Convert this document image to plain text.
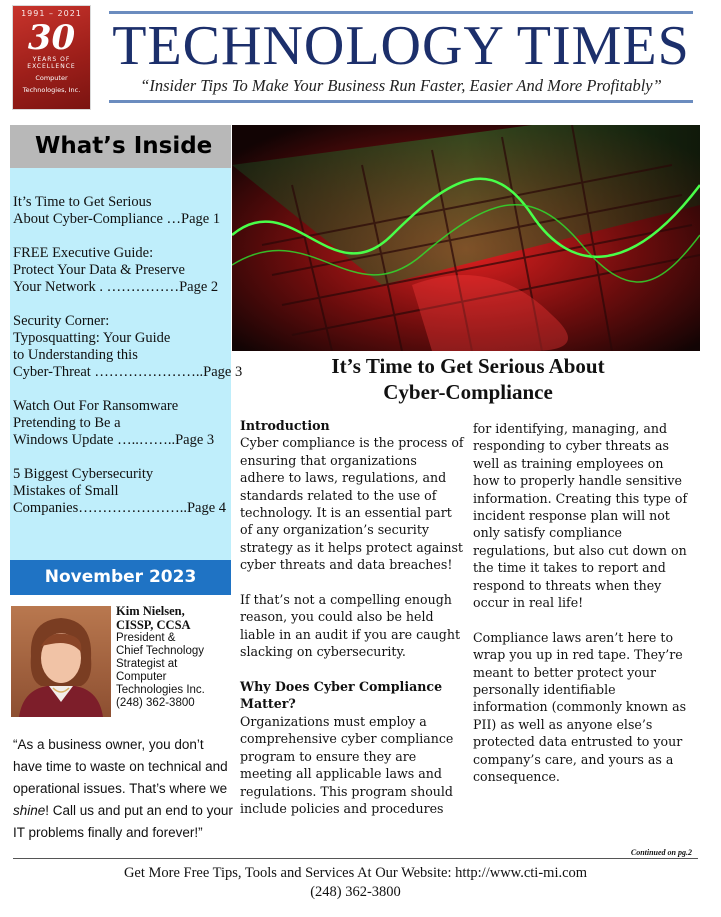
1991 – 2021
30
YEARS OF
EXCELLENCE
Computer
Technologies, Inc.
TECHNOLOGY TIMES
“Insider Tips To Make Your Business Run Faster, Easier And More Profitably”
What’s Inside
It’s Time to Get Serious
About Cyber-Compliance …Page 1
FREE Executive Guide:
Protect Your Data & Preserve
Your Network . ……………Page 2
Security Corner:
Typosquatting: Your Guide
to Understanding this
Cyber-Threat …………………..Page 3
Watch Out For Ransomware
Pretending to Be a
Windows Update …..……..Page 3
5 Biggest Cybersecurity
Mistakes of Small
Companies…………………..Page 4
November 2023
Kim Nielsen,
CISSP, CCSA
President &
Chief Technology
Strategist at
Computer
Technologies Inc.
(248) 362-3800
“As a business owner, you don’t have time to waste on technical and operational issues. That’s where we shine! Call us and put an end to your IT problems finally and forever!”
It’s Time to Get Serious About
Cyber-Compliance

Introduction
Cyber compliance is the process of
ensuring that organizations
adhere to laws, regulations, and
standards related to the use of
technology. It is an essential part
of any organization’s security
strategy as it helps protect against
cyber threats and data breaches!

If that’s not a compelling enough
reason, you could also be held
liable in an audit if you are caught
slacking on cybersecurity.

Why Does Cyber Compliance
Matter?
Organizations must employ a
comprehensive cyber compliance
program to ensure they are
meeting all applicable laws and
regulations. This program should
include policies and procedures

for identifying, managing, and
responding to cyber threats as
well as training employees on
how to properly handle sensitive
information. Creating this type of
incident response plan will not
only satisfy compliance
regulations, but also cut down on
the time it takes to report and
respond to threats when they
occur in real life!

Compliance laws aren’t here to
wrap you up in red tape. They’re
meant to better protect your
personally identifiable
information (commonly known as
PII) as well as anyone else’s
protected data entrusted to your
company’s care, and yours as a
consequence.

Continued on pg.2
Get More Free Tips, Tools and Services At Our Website: http://www.cti-mi.com
(248) 362-3800
